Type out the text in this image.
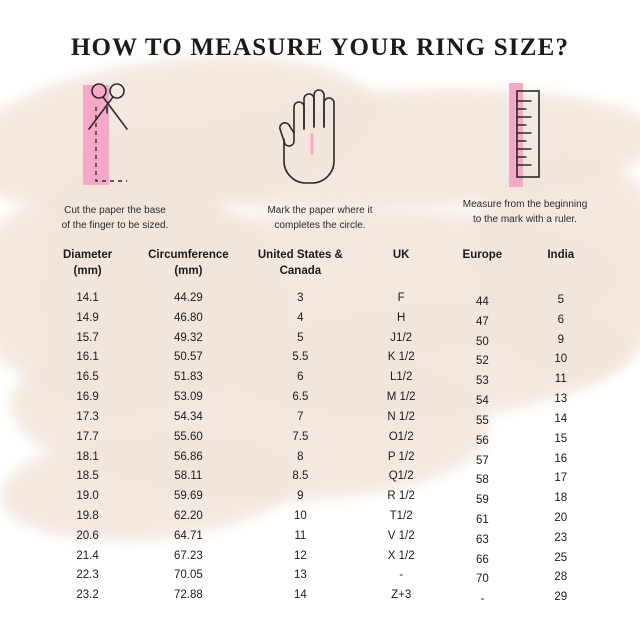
HOW TO MEASURE YOUR RING SIZE?
Cut the paper the base
of the finger to be sized.
Mark the paper where it
completes the circle.
Measure from the beginning
to the mark with a ruler.
Diameter
(mm)	Circumference
(mm)	United States &
Canada	UK	Europe	India
14.1	44.29	3	F	44	5
14.9	46.80	4	H	47	6
15.7	49.32	5	J1/2	50	9
16.1	50.57	5.5	K 1/2	52	10
16.5	51.83	6	L1/2	53	11
16.9	53.09	6.5	M 1/2	54	13
17.3	54.34	7	N 1/2	55	14
17.7	55.60	7.5	O1/2	56	15
18.1	56.86	8	P 1/2	57	16
18.5	58.11	8.5	Q1/2	58	17
19.0	59.69	9	R 1/2	59	18
19.8	62.20	10	T1/2	61	20
20.6	64.71	11	V 1/2	63	23
21.4	67.23	12	X 1/2	66	25
22.3	70.05	13	-	70	28
23.2	72.88	14	Z+3	-	29
